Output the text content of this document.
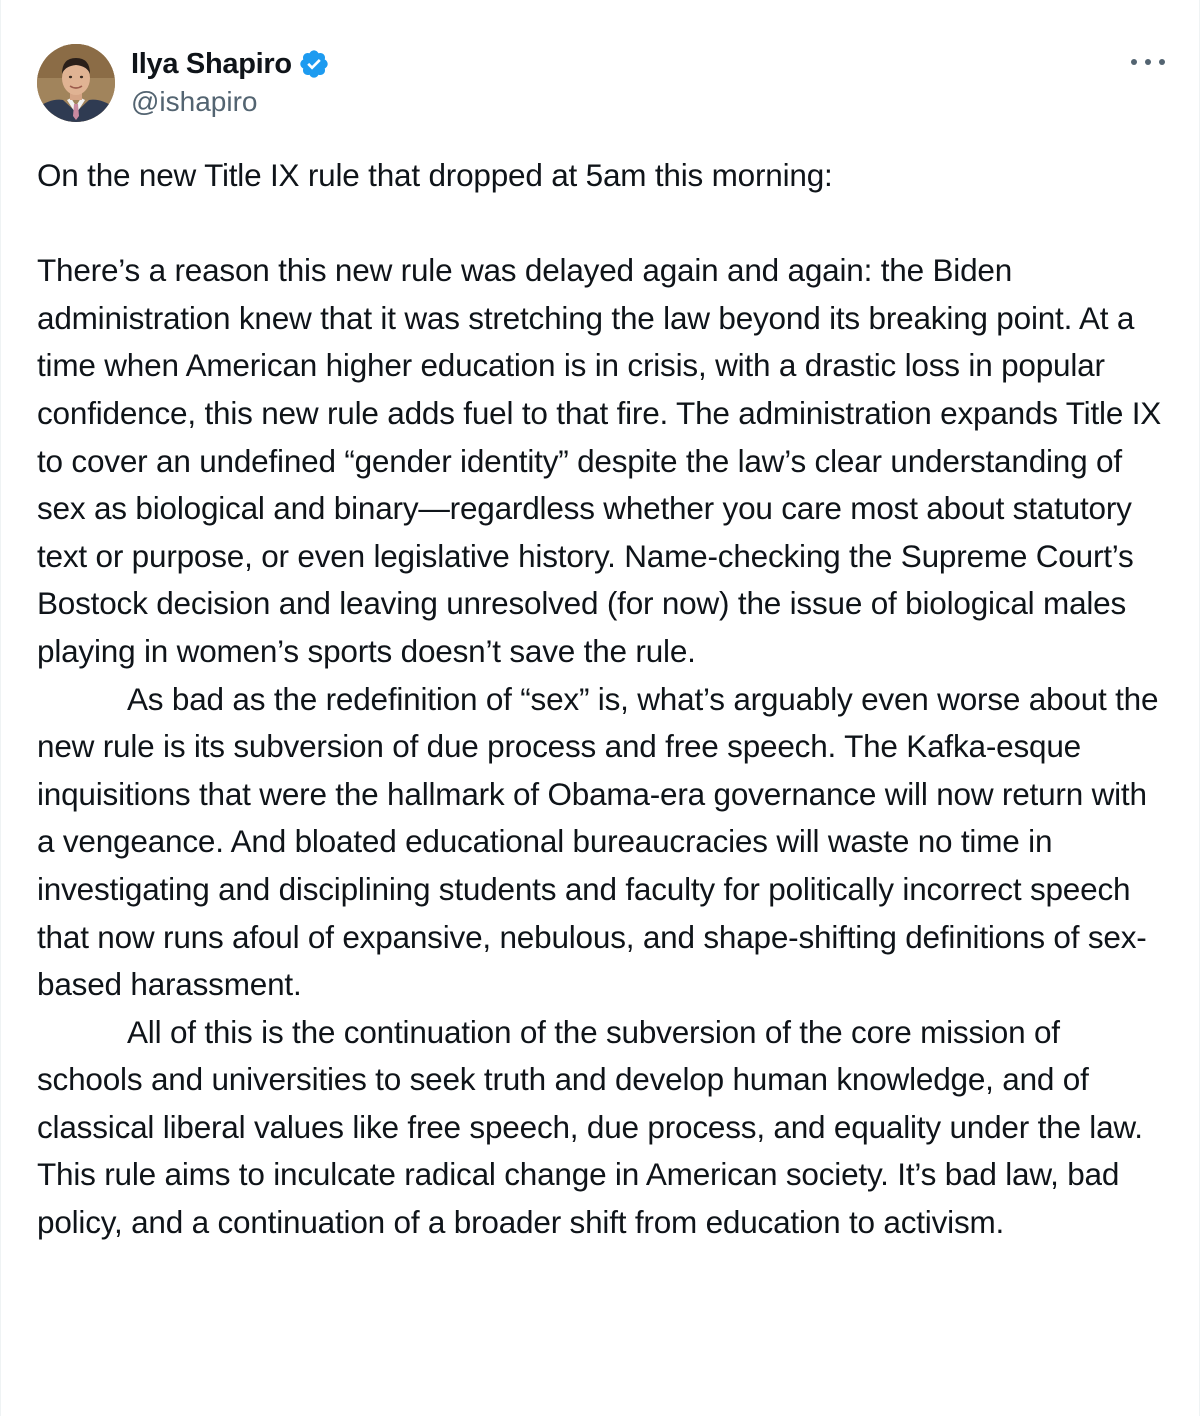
Ilya Shapiro
@ishapiro

On the new Title IX rule that dropped at 5am this morning:

There’s a reason this new rule was delayed again and again: the Biden administration knew that it was stretching the law beyond its breaking point. At a time when American higher education is in crisis, with a drastic loss in popular confidence, this new rule adds fuel to that fire. The administration expands Title IX to cover an undefined “gender identity” despite the law’s clear understanding of sex as biological and binary—regardless whether you care most about statutory text or purpose, or even legislative history. Name-checking the Supreme Court’s Bostock decision and leaving unresolved (for now) the issue of biological males playing in women’s sports doesn’t save the rule.

As bad as the redefinition of “sex” is, what’s arguably even worse about the new rule is its subversion of due process and free speech. The Kafka-esque inquisitions that were the hallmark of Obama-era governance will now return with a vengeance. And bloated educational bureaucracies will waste no time in investigating and disciplining students and faculty for politically incorrect speech that now runs afoul of expansive, nebulous, and shape-shifting definitions of sex-based harassment.

All of this is the continuation of the subversion of the core mission of schools and universities to seek truth and develop human knowledge, and of classical liberal values like free speech, due process, and equality under the law. This rule aims to inculcate radical change in American society. It’s bad law, bad policy, and a continuation of a broader shift from education to activism.
